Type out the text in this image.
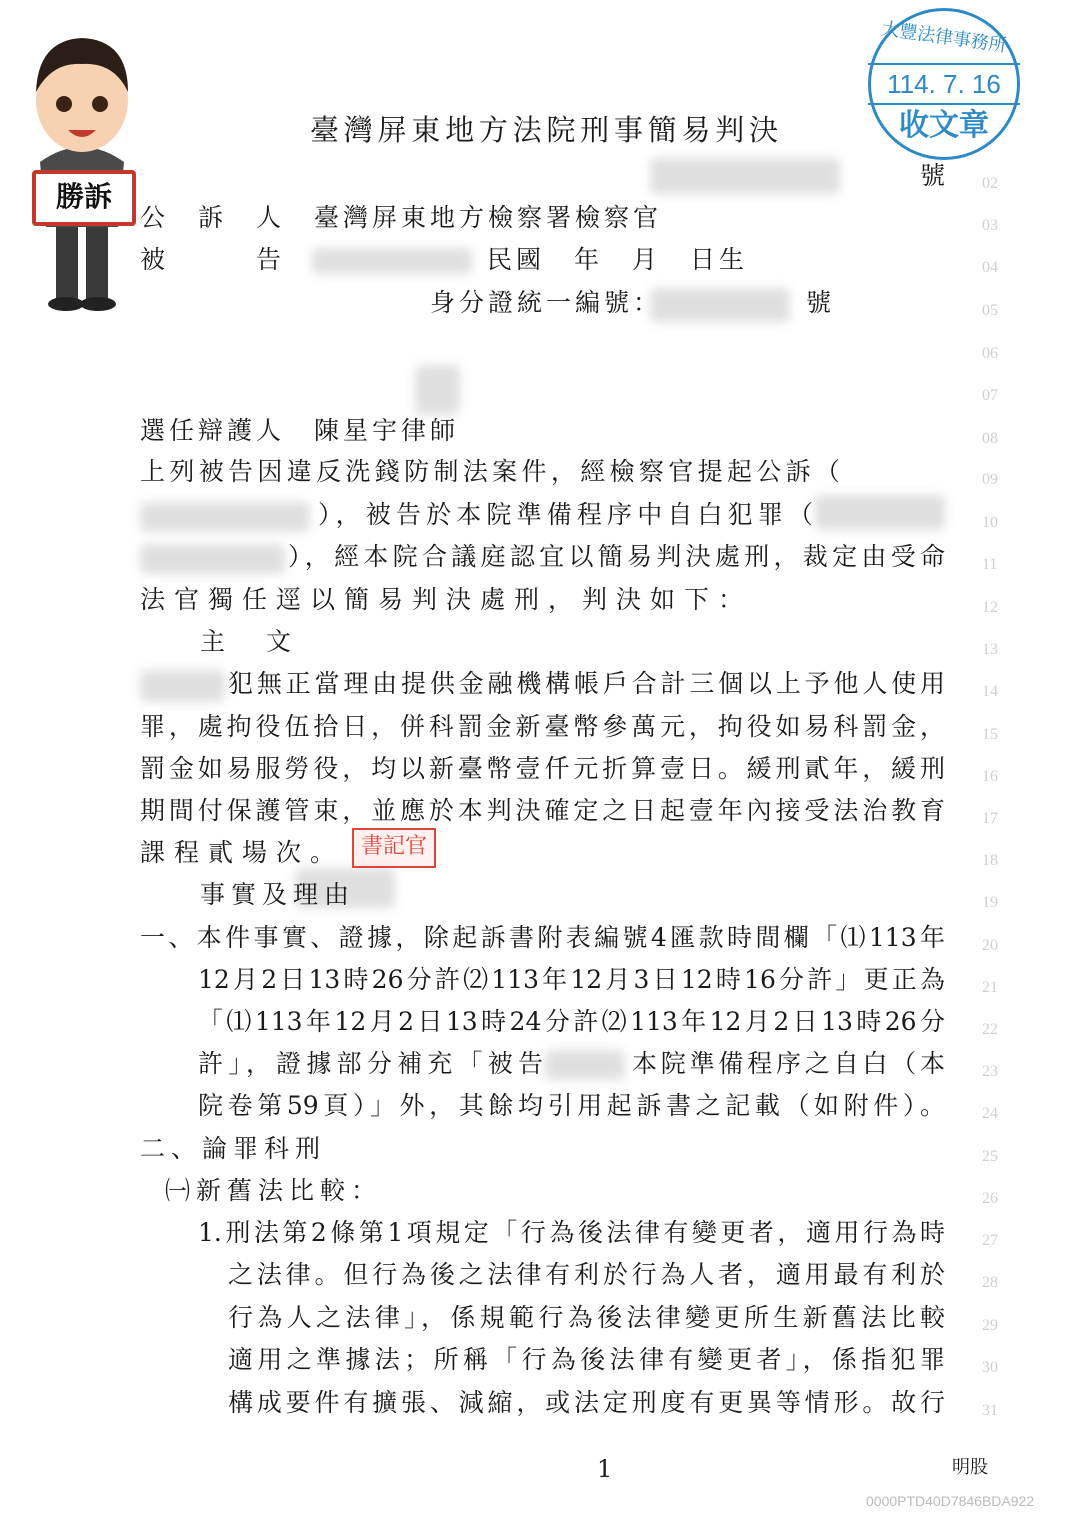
勝訴
大豐法律事務所
114. 7. 16
收文章
臺灣屏東地方法院刑事簡易判決
02
03
04
05
06
07
08
09
10
11
12
13
14
15
16
17
18
19
20
21
22
23
24
25
26
27
28
29
30
31
號
公　訴　人 臺灣屏東地方檢察署檢察官
被　　　告	民國　年　月　日生
身分證統一編號：	號
選任辯護人 陳星宇律師
上列被告因違反洗錢防制法案件，經檢察官提起公訴（
），被告於本院準備程序中自白犯罪（
），經本院合議庭認宜以簡易判決處刑，裁定由受命
法官獨任逕以簡易判決處刑，判決如下：
主　文
犯無正當理由提供金融機構帳戶合計三個以上予他人使用
罪，處拘役伍拾日，併科罰金新臺幣參萬元，拘役如易科罰金，
罰金如易服勞役，均以新臺幣壹仟元折算壹日。緩刑貳年，緩刑
期間付保護管束，並應於本判決確定之日起壹年內接受法治教育
課程貳場次。 書記官
事實及理由
一、本件事實、證據，除起訴書附表編號4匯款時間欄「⑴113年
12月2日13時26分許⑵113年12月3日12時16分許」更正為
「⑴113年12月2日13時24分許⑵113年12月2日13時26分
許」，證據部分補充「被告	本院準備程序之自白（本
院卷第59頁）」外，其餘均引用起訴書之記載（如附件）。
二、論罪科刑
㈠新舊法比較：
1.刑法第2條第1項規定「行為後法律有變更者，適用行為時
之法律。但行為後之法律有利於行為人者，適用最有利於
行為人之法律」，係規範行為後法律變更所生新舊法比較
適用之準據法；所稱「行為後法律有變更者」，係指犯罪
構成要件有擴張、減縮，或法定刑度有更異等情形。故行
1	明股
0000PTD40D7846BDA922
